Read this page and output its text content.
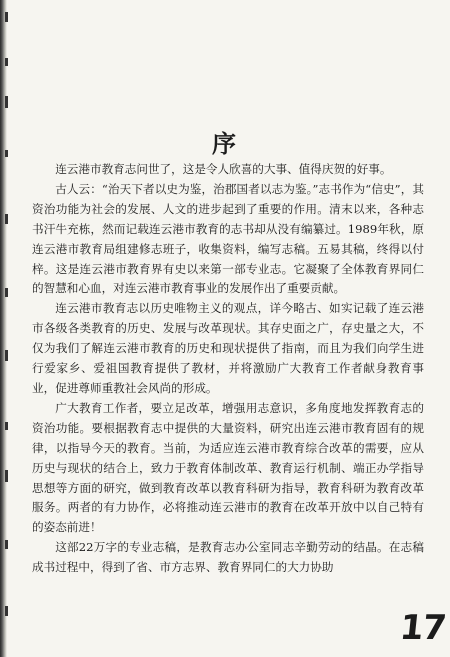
序

连云港市教育志问世了，这是令人欣喜的大事、值得庆贺的好事。

古人云：“治天下者以史为鉴，治郡国者以志为鉴。”志书作为“信史”，其资治功能为社会的发展、人文的进步起到了重要的作用。清末以来，各种志书汗牛充栋，然而记载连云港市教育的志书却从没有编纂过。1989年秋，原连云港市教育局组建修志班子，收集资料，编写志稿。五易其稿，终得以付梓。这是连云港市教育界有史以来第一部专业志。它凝聚了全体教育界同仁的智慧和心血，对连云港市教育事业的发展作出了重要贡献。

连云港市教育志以历史唯物主义的观点，详今略古、如实记载了连云港市各级各类教育的历史、发展与改革现状。其存史面之广，存史量之大，不仅为我们了解连云港市教育的历史和现状提供了指南，而且为我们向学生进行爱家乡、爱祖国教育提供了教材，并将激励广大教育工作者献身教育事业，促进尊师重教社会风尚的形成。

广大教育工作者，要立足改革，增强用志意识，多角度地发挥教育志的资治功能。要根据教育志中提供的大量资料，研究出连云港市教育固有的规律，以指导今天的教育。当前，为适应连云港市教育综合改革的需要，应从历史与现状的结合上，致力于教育体制改革、教育运行机制、端正办学指导思想等方面的研究，做到教育改革以教育科研为指导，教育科研为教育改革服务。两者的有力协作，必将推动连云港市的教育在改革开放中以自己特有的姿态前进！

这部22万字的专业志稿，是教育志办公室同志辛勤劳动的结晶。在志稿成书过程中，得到了省、市方志界、教育界同仁的大力协助

17
